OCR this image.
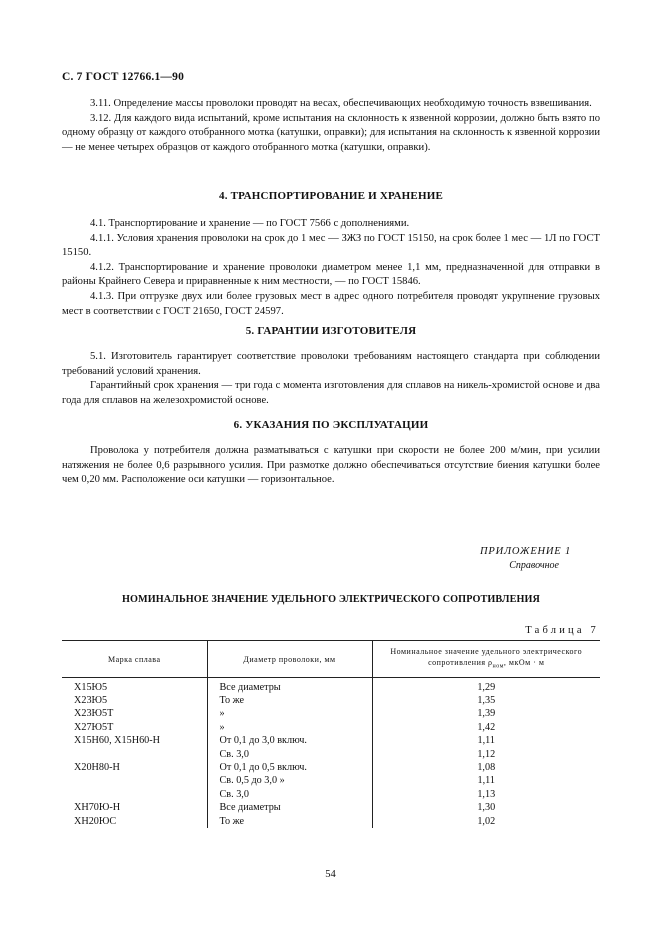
С. 7 ГОСТ 12766.1—90

3.11. Определение массы проволоки проводят на весах, обеспечивающих необходимую точность взвешивания.

3.12. Для каждого вида испытаний, кроме испытания на склонность к язвенной коррозии, должно быть взято по одному образцу от каждого отобранного мотка (катушки, оправки); для испытания на склонность к язвенной коррозии — не менее четырех образцов от каждого отобранного мотка (катушки, оправки).

4. ТРАНСПОРТИРОВАНИЕ И ХРАНЕНИЕ

4.1. Транспортирование и хранение — по ГОСТ 7566 с дополнениями.

4.1.1. Условия хранения проволоки на срок до 1 мес — ЗЖЗ по ГОСТ 15150, на срок более 1 мес — 1Л по ГОСТ 15150.

4.1.2. Транспортирование и хранение проволоки диаметром менее 1,1 мм, предназначенной для отправки в районы Крайнего Севера и приравненные к ним местности, — по ГОСТ 15846.

4.1.3. При отгрузке двух или более грузовых мест в адрес одного потребителя проводят укрупнение грузовых мест в соответствии с ГОСТ 21650, ГОСТ 24597.

5. ГАРАНТИИ ИЗГОТОВИТЕЛЯ

5.1. Изготовитель гарантирует соответствие проволоки требованиям настоящего стандарта при соблюдении требований условий хранения.

Гарантийный срок хранения — три года с момента изготовления для сплавов на никель-хромистой основе и два года для сплавов на железохромистой основе.

6. УКАЗАНИЯ ПО ЭКСПЛУАТАЦИИ

Проволока у потребителя должна разматываться с катушки при скорости не более 200 м/мин, при усилии натяжения не более 0,6 разрывного усилия. При размотке должно обеспечиваться отсутствие биения катушки более чем 0,20 мм. Расположение оси катушки — горизонтальное.

ПРИЛОЖЕНИЕ 1
Справочное
НОМИНАЛЬНОЕ ЗНАЧЕНИЕ УДЕЛЬНОГО ЭЛЕКТРИЧЕСКОГО СОПРОТИВЛЕНИЯ
Таблица 7
Марка сплава	Диаметр проволоки, мм	Номинальное значение удельного электрического сопротивления $\rho_{ном}$, мкОм · м
Х15Ю5	Все диаметры	1,29
Х23Ю5	То же	1,35
Х23Ю5Т	»	1,39
Х27Ю5Т	»	1,42
Х15Н60, Х15Н60-Н	От 0,1 до 3,0 включ.	1,11
	Св. 3,0	1,12
Х20Н80-Н	От 0,1 до 0,5 включ.	1,08
	Св. 0,5 до 3,0 »	1,11
	Св. 3,0	1,13
ХН70Ю-Н	Все диаметры	1,30
ХН20ЮС	То же	1,02
54
